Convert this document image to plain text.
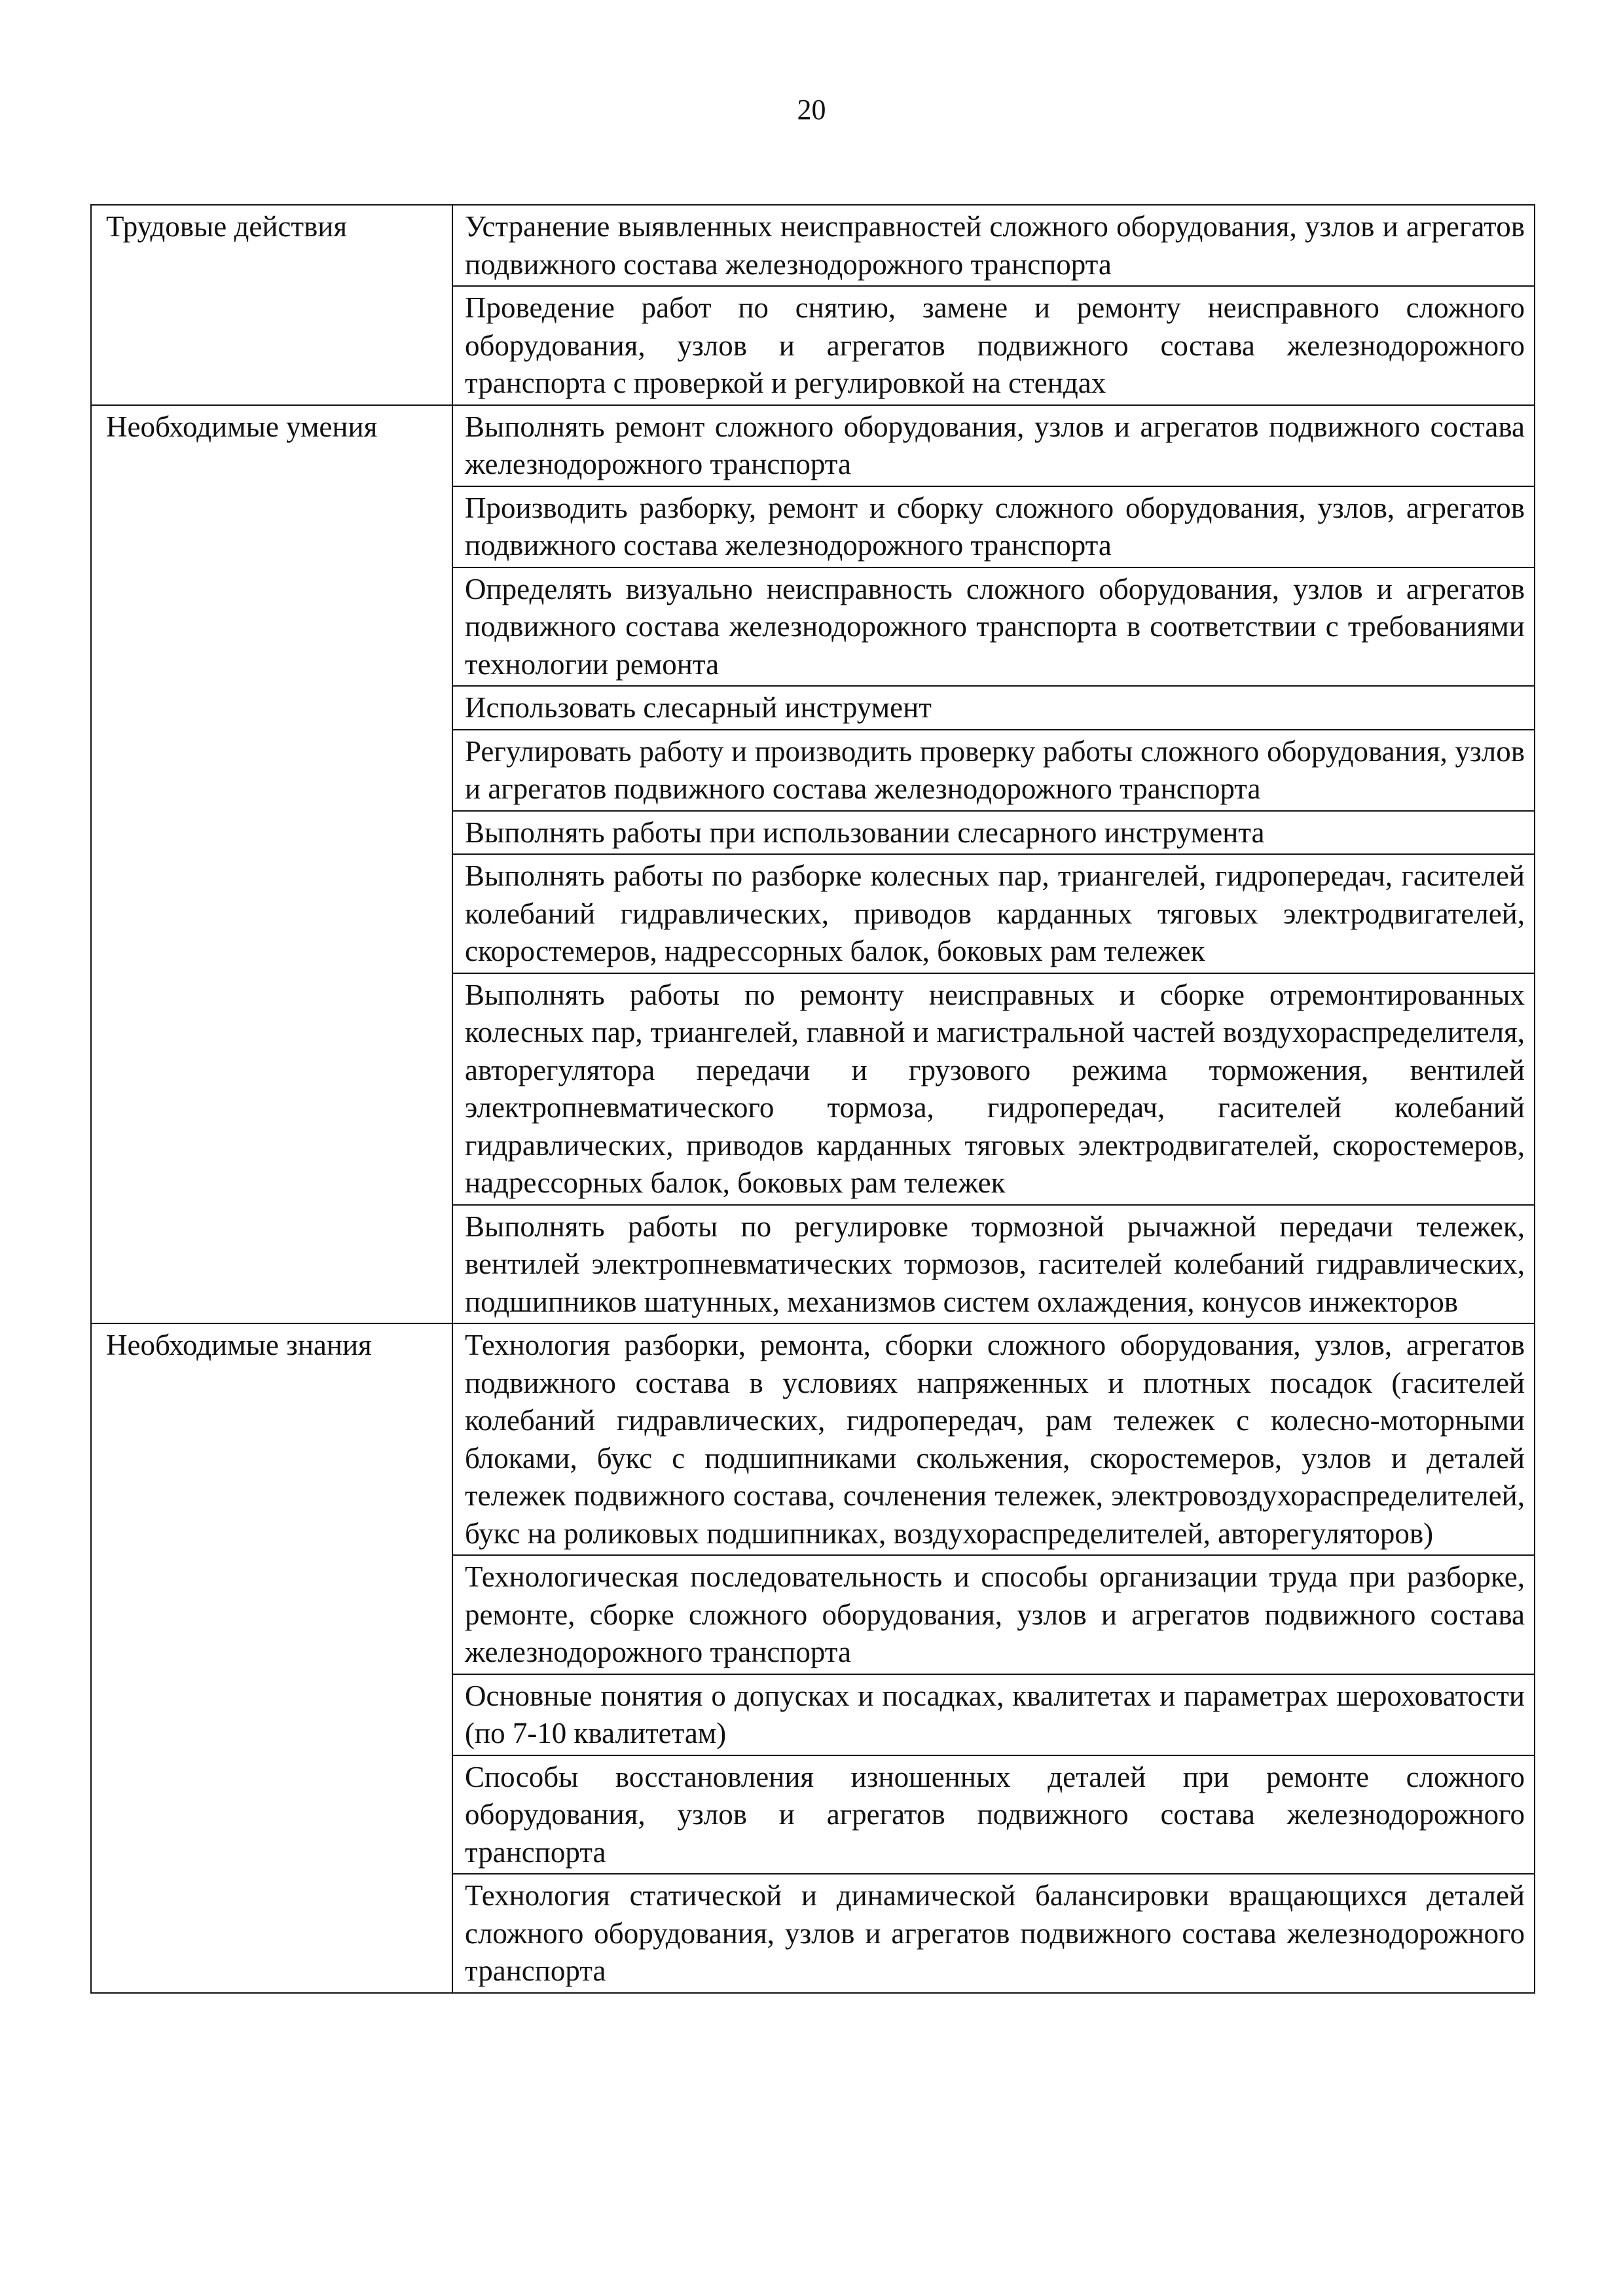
20
Трудовые действия	Устранение выявленных неисправностей сложного оборудования, узлов и агрегатов подвижного состава железнодорожного транспорта
	Проведение работ по снятию, замене и ремонту неисправного сложного оборудования, узлов и агрегатов подвижного состава железнодорожного транспорта с проверкой и регулировкой на стендах
Необходимые умения	Выполнять ремонт сложного оборудования, узлов и агрегатов подвижного состава железнодорожного транспорта
	Производить разборку, ремонт и сборку сложного оборудования, узлов, агрегатов подвижного состава железнодорожного транспорта
	Определять визуально неисправность сложного оборудования, узлов и агрегатов подвижного состава железнодорожного транспорта в соответствии с требованиями технологии ремонта
	Использовать слесарный инструмент
	Регулировать работу и производить проверку работы сложного оборудования, узлов и агрегатов подвижного состава железнодорожного транспорта
	Выполнять работы при использовании слесарного инструмента
	Выполнять работы по разборке колесных пар, триангелей, гидропередач, гасителей колебаний гидравлических, приводов карданных тяговых электродвигателей, скоростемеров, надрессорных балок, боковых рам тележек
	Выполнять работы по ремонту неисправных и сборке отремонтированных колесных пар, триангелей, главной и магистральной частей воздухораспределителя, авторегулятора передачи и грузового режима торможения, вентилей электропневматического тормоза, гидропередач, гасителей колебаний гидравлических, приводов карданных тяговых электродвигателей, скоростемеров, надрессорных балок, боковых рам тележек
	Выполнять работы по регулировке тормозной рычажной передачи тележек, вентилей электропневматических тормозов, гасителей колебаний гидравлических, подшипников шатунных, механизмов систем охлаждения, конусов инжекторов
Необходимые знания	Технология разборки, ремонта, сборки сложного оборудования, узлов, агрегатов подвижного состава в условиях напряженных и плотных посадок (гасителей колебаний гидравлических, гидропередач, рам тележек с колесно-моторными блоками, букс с подшипниками скольжения, скоростемеров, узлов и деталей тележек подвижного состава, сочленения тележек, электровоздухораспределителей, букс на роликовых подшипниках, воздухораспределителей, авторегуляторов)
	Технологическая последовательность и способы организации труда при разборке, ремонте, сборке сложного оборудования, узлов и агрегатов подвижного состава железнодорожного транспорта
	Основные понятия о допусках и посадках, квалитетах и параметрах шероховатости (по 7-10 квалитетам)
	Способы восстановления изношенных деталей при ремонте сложного оборудования, узлов и агрегатов подвижного состава железнодорожного транспорта
	Технология статической и динамической балансировки вращающихся деталей сложного оборудования, узлов и агрегатов подвижного состава железнодорожного транспорта
